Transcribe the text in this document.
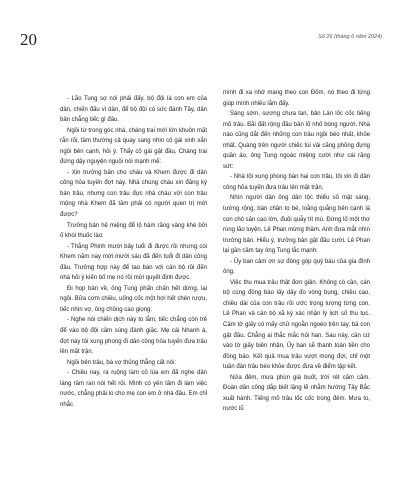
20	Số 26 (tháng 6 năm 2024)

- Lão Tung sợ nói phải đấy, bộ đội là con em của dân, chiến đấu vì dân, để bộ đội có sức đánh Tây, dân bản chẳng tiếc gì đâu.

Ngồi từ trong góc nhà, chàng trai mới lớn khuôn mặt rắn rỏi, tầm thường cả quay sang nhìn cô gái xinh xắn ngồi bên cạnh, hỏi ý. Thấy cô gái gật đầu, Chàng trai đứng dậy nguyện nguội nói mạnh mẽ:

- Xin trưởng bản cho cháu và Khem được đi dân công hỏa tuyến đợt này. Nhà chúng cháu xin đăng ký bán trâu, nhưng con trâu đực nhà cháu với con trâu mộng nhà Khem đã tăm phải có người quen trị mới được?

Trưởng bản hệ miệng để lộ hàm răng vàng khè bởi ố khói thuốc lào:

- Thắng Phinh mười bảy tuổi đi được rồi nhưng còi Khem năm nay mới mười sáu đã đến tuổi đi dân công đâu. Trưởng hợp này để tao bàn với cán bộ rồi đến nhà hỏi ý kiến bố mẹ nó rồi mới quyết định được.

Đi họp bản về, ông Tung phấn chấn hết dừng, lại ngồi. Bữa cơm chiều, uống cốc một hơi hết chén rượu, tiếc nhìn vợ, ông chồng cao giọng:

- Nghe nói chiến dịch này to lắm, tiếc chẳng còn trẻ để vào bộ đội cầm súng đánh giặc. Mẹ cái Nhanh à, đợt này tôi xung phong đi dân công hỏa tuyến đưa trâu lên mặt trận.

Ngồi bên trâu, bà vợ thủng thẳng cất nói:

- Chiều nay, ra ruộng làm cỏ lúa em đã nghe dân làng rầm ran nói hết rồi. Mình có yên tâm đi làm việc nước, chẳng phải lo cho mẹ con em ở nhà đâu. Em chỉ nhắc

mình đi xa nhớ mang theo con Đốm, nó theo đi từng giúp mình nhiều lắm đấy.

Sáng sớm, sương chưa tan, bản Lán lốc cốc tiếng mõ trâu. Bãi đất rộng đầu bản lố nhố bóng người. Nhà nào cũng dắt đến những con trâu ngồi béo nhất, khỏe nhất. Quàng trên người chiếc túi vải căng phồng đựng quần áo, ông Tung ngoác miệng cười như cái răng sứt:

- Nhà tôi xung phong bán hai con trâu, tôi xin đi dân công hỏa tuyến đưa trâu lên mặt trận.

Nhìn người dân ông dân tộc thiểu số mặt sáng, tướng rộng, bàn chân to bè, loằng quằng bên cạnh là con chó săn cao lớn, đuôi quẫy tít mù. Đứng lố một thơ rùng lão luyện. Lê Phan mừng thầm. Anh đưa mắt nhìn trưởng bản. Hiểu ý, trưởng bản gật đầu cười. Lê Phan lại gần cầm tay ông Tung lắc mạnh:

- Ủy ban cảm ơn sự đóng góp quý báu của gia đình ông.

Việc thu mua trâu thật đơn giản. Không có cân, cán bộ cùng đồng bào lấy dây đo vòng bụng, chiều cao, chiều dài của con trâu rồi ước trọng lượng từng con. Lê Phan và cán bộ xã ký xác nhận lý lịch số thu tục. Cầm tờ giấy có mấy chữ ngoằn ngoèo trên tay, bà con gật đầu. Chẳng ai thắc mắc hỏi han. Sau này, cần cứ vào tờ giấy biên nhận, Ủy ban sẽ thanh toán tiền cho đồng bào. Kết quả mua trâu vượt mong đợi, chỉ một tuần đàn trâu béo khỏe được đưa về điểm tập kết.

Nửa đêm, mưa phùn giá buốt, trời rét căm căm. Đoàn dân công dắp biết lặng lẽ nhằm hướng Tây Bắc xuất hành. Tiếng mõ trâu lốc cốc trong đêm. Mưa to, nước lũ
